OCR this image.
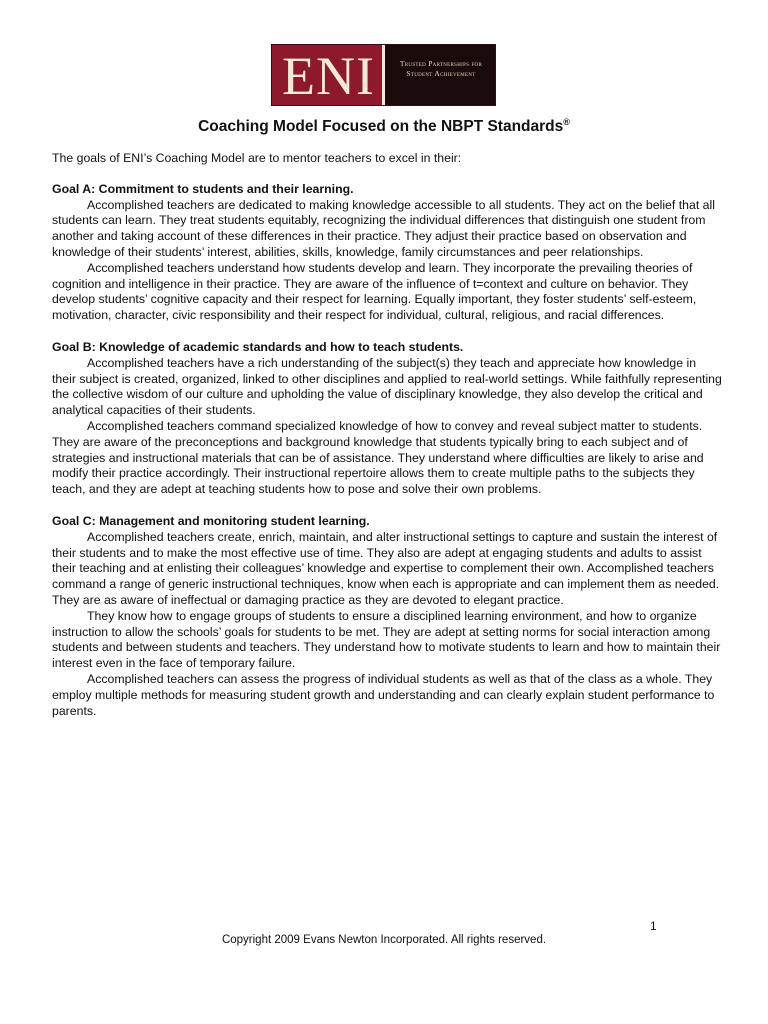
ENI	Trusted Partnerships for Student Achievement
Coaching Model Focused on the NBPT Standards®

The goals of ENI’s Coaching Model are to mentor teachers to excel in their:

Goal A: Commitment to students and their learning.

Accomplished teachers are dedicated to making knowledge accessible to all students. They act on the belief that all students can learn. They treat students equitably, recognizing the individual differences that distinguish one student from another and taking account of these differences in their practice. They adjust their practice based on observation and knowledge of their students’ interest, abilities, skills, knowledge, family circumstances and peer relationships.

Accomplished teachers understand how students develop and learn. They incorporate the prevailing theories of cognition and intelligence in their practice. They are aware of the influence of t=context and culture on behavior. They develop students’ cognitive capacity and their respect for learning. Equally important, they foster students’ self-esteem, motivation, character, civic responsibility and their respect for individual, cultural, religious, and racial differences.

Goal B: Knowledge of academic standards and how to teach students.

Accomplished teachers have a rich understanding of the subject(s) they teach and appreciate how knowledge in their subject is created, organized, linked to other disciplines and applied to real-world settings. While faithfully representing the collective wisdom of our culture and upholding the value of disciplinary knowledge, they also develop the critical and analytical capacities of their students.

Accomplished teachers command specialized knowledge of how to convey and reveal subject matter to students. They are aware of the preconceptions and background knowledge that students typically bring to each subject and of strategies and instructional materials that can be of assistance. They understand where difficulties are likely to arise and modify their practice accordingly. Their instructional repertoire allows them to create multiple paths to the subjects they teach, and they are adept at teaching students how to pose and solve their own problems.

Goal C: Management and monitoring student learning.

Accomplished teachers create, enrich, maintain, and alter instructional settings to capture and sustain the interest of their students and to make the most effective use of time. They also are adept at engaging students and adults to assist their teaching and at enlisting their colleagues’ knowledge and expertise to complement their own. Accomplished teachers command a range of generic instructional techniques, know when each is appropriate and can implement them as needed. They are as aware of ineffectual or damaging practice as they are devoted to elegant practice.

They know how to engage groups of students to ensure a disciplined learning environment, and how to organize instruction to allow the schools’ goals for students to be met. They are adept at setting norms for social interaction among students and between students and teachers. They understand how to motivate students to learn and how to maintain their interest even in the face of temporary failure.

Accomplished teachers can assess the progress of individual students as well as that of the class as a whole. They employ multiple methods for measuring student growth and understanding and can clearly explain student performance to parents.

1
Copyright 2009 Evans Newton Incorporated. All rights reserved.
